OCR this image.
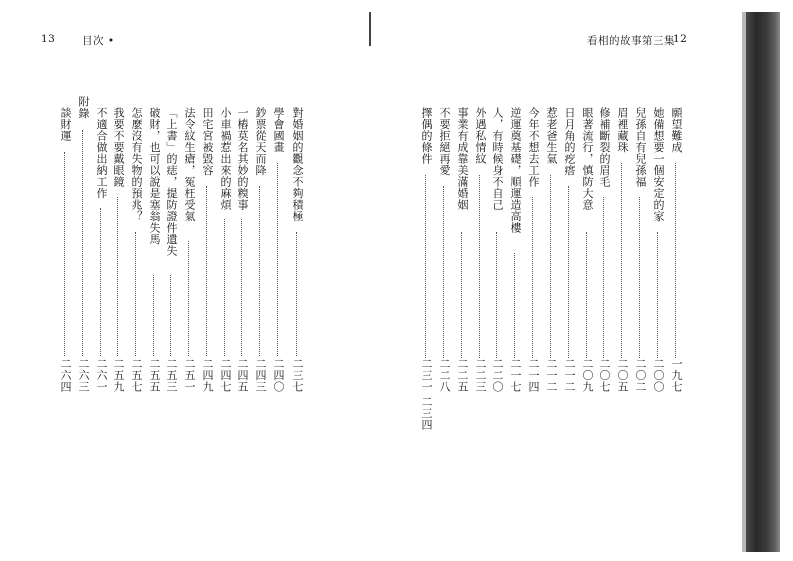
13	目次 •
對婚姻的觀念不夠積極
學會國畫
鈔票從天而降
一樁莫名其妙的糗事
小車禍惹出來的麻煩
田宅宮被毀容
法令紋生瘡，冤枉受氣
「上書」的痣，提防證件遺失
破財，也可以說是塞翁失馬
怎麼沒有失物的預兆？
我要不要戴眼鏡
不適合做出納工作
附錄
談財運
二三七
二四〇
二四三
二四五
二四七
二四九
二五一
二五三
二五五
二五七
二五九
二六一
二六三
二六四
看相的故事第三集
12
願望難成
她備想要一個安定的家
兒孫自有兒孫福
眉裡藏珠
修補斷裂的眉毛
眼著流行，慎防大意
日月角的疙瘩
惹老爸生氣
今年不想去工作
逆運奠基礎，順運造高樓
人，有時候身不自己
外遇私情紋
事業有成靠美滿婚姻
不要拒絕再愛
擇偶的條件
一九七
二〇〇
二〇二
二〇五
二〇七
二〇九
二一二
二一二
二一四
二一七
二二〇
二二三
二二五
二二八
二三一
二三四
